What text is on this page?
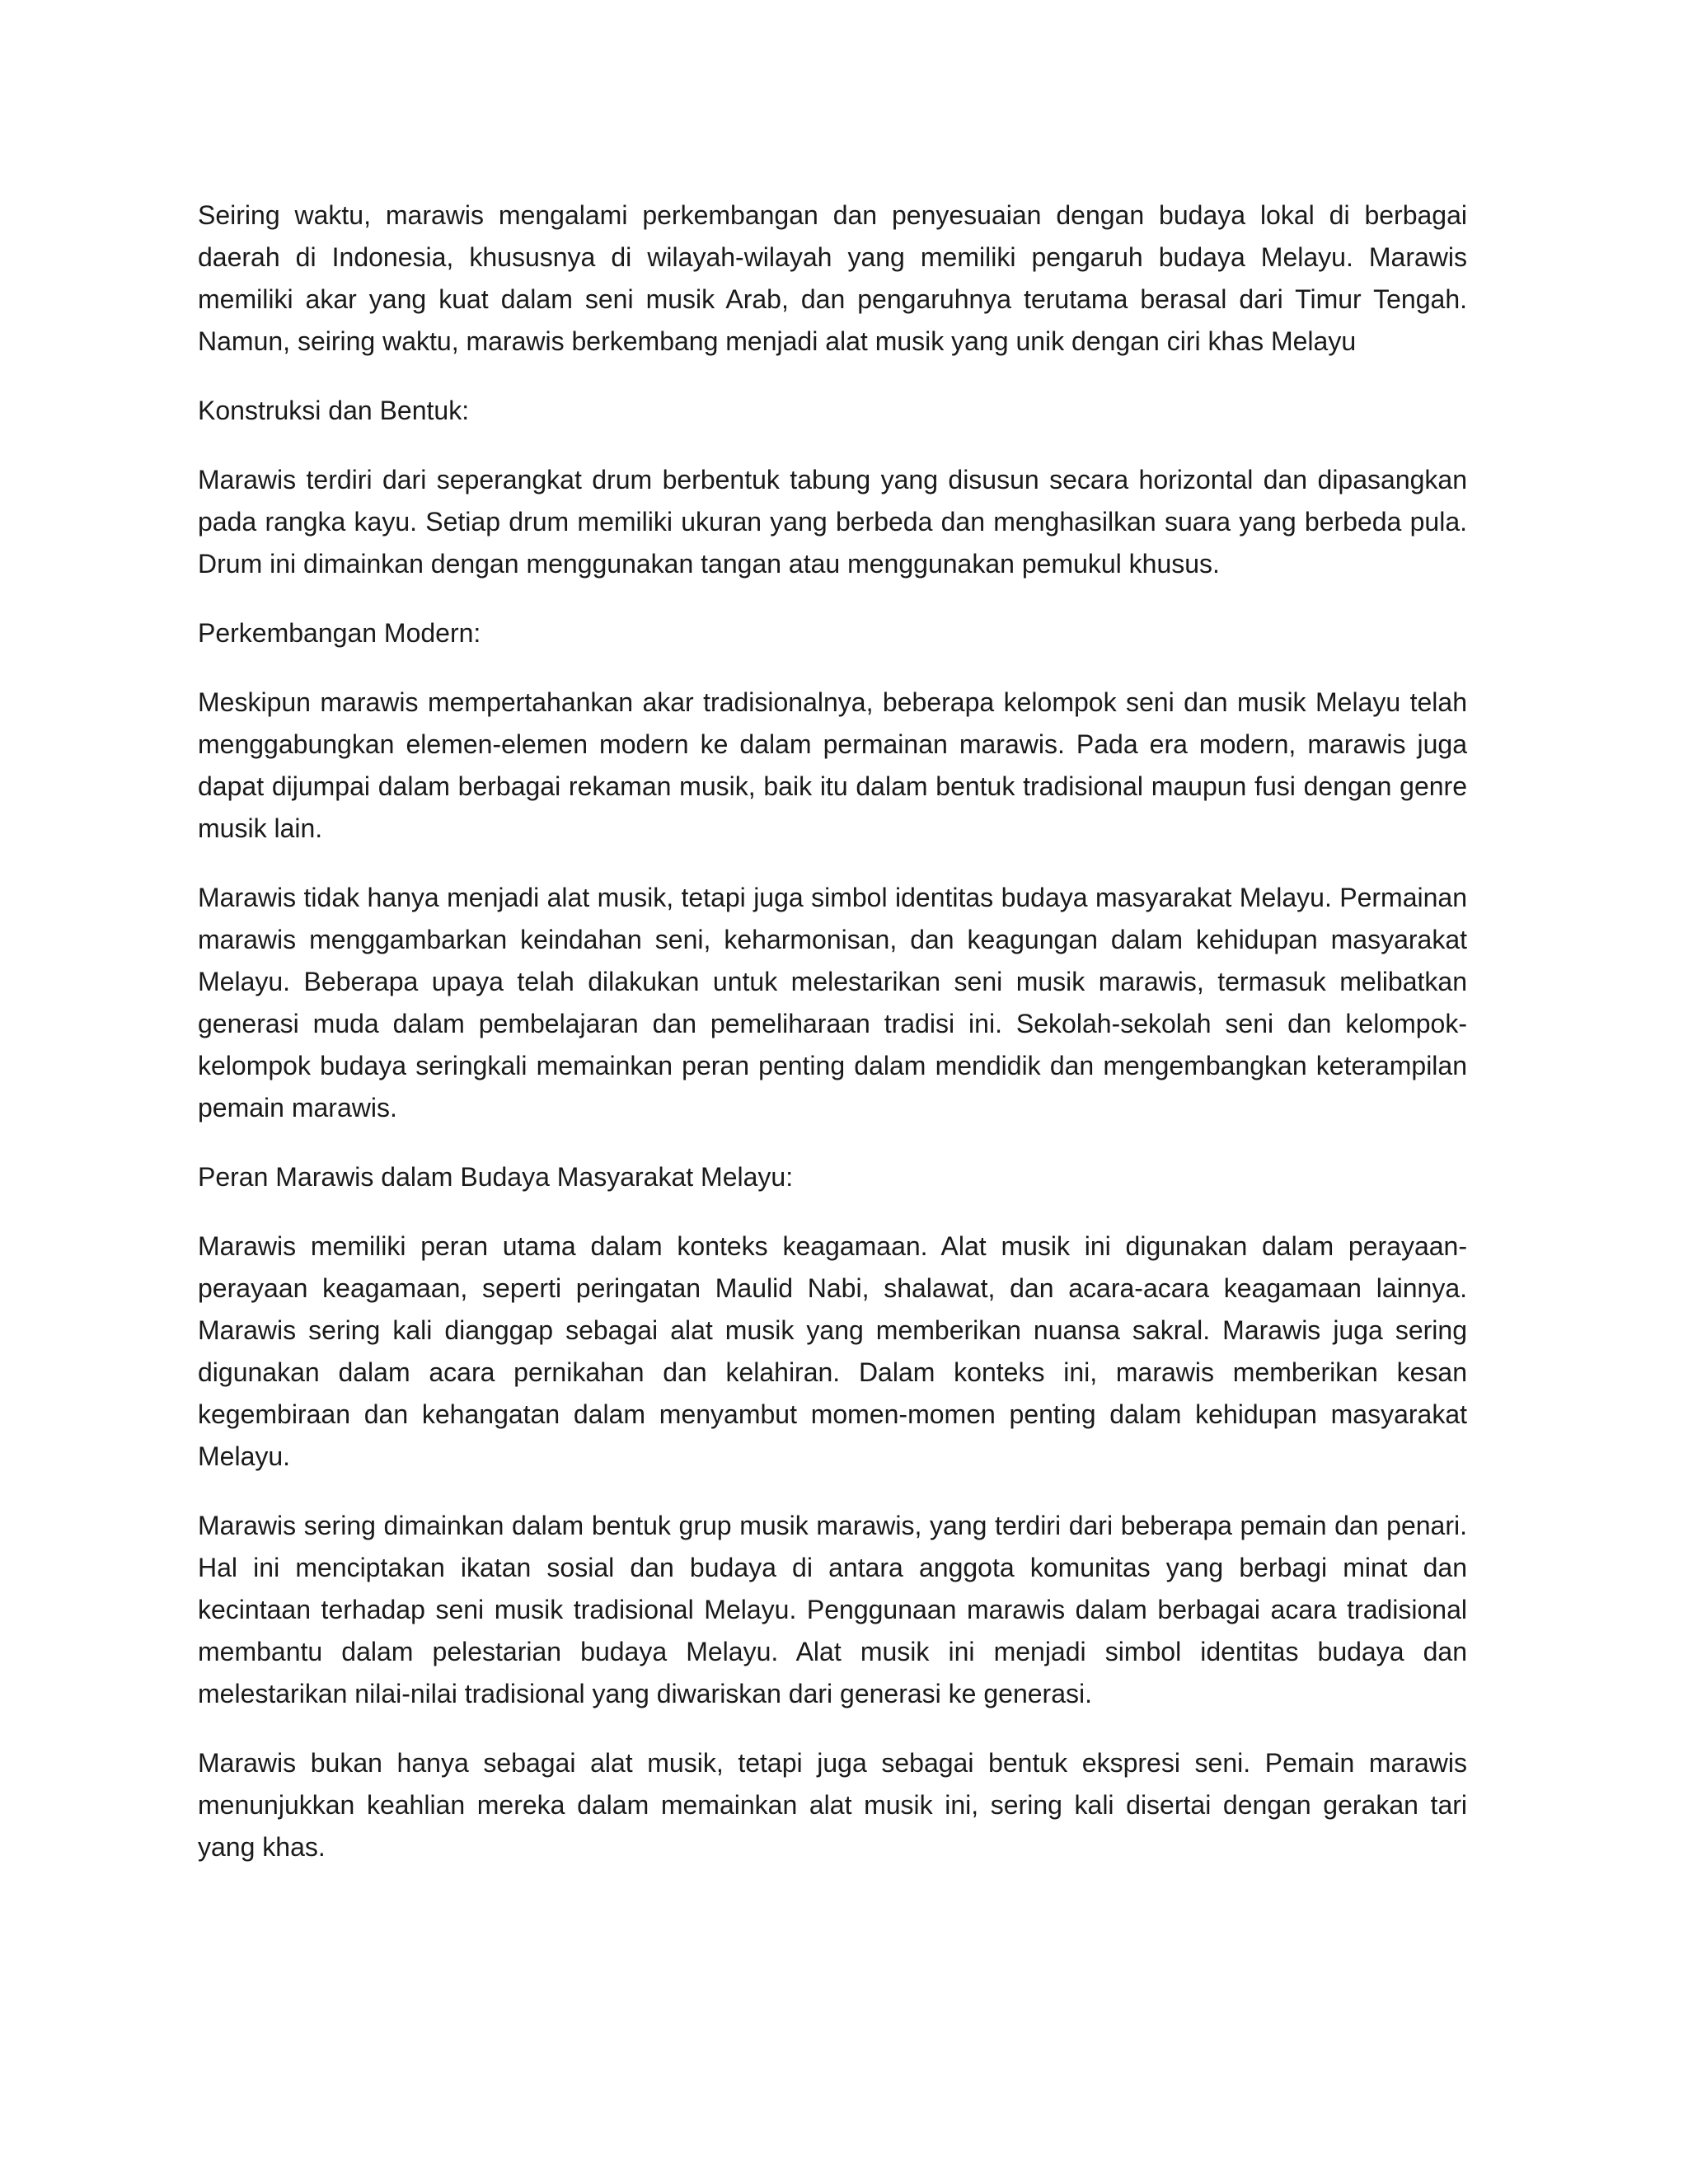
Seiring waktu, marawis mengalami perkembangan dan penyesuaian dengan budaya lokal di berbagai daerah di Indonesia, khususnya di wilayah-wilayah yang memiliki pengaruh budaya Melayu. Marawis memiliki akar yang kuat dalam seni musik Arab, dan pengaruhnya terutama berasal dari Timur Tengah. Namun, seiring waktu, marawis berkembang menjadi alat musik yang unik dengan ciri khas Melayu

Konstruksi dan Bentuk:

Marawis terdiri dari seperangkat drum berbentuk tabung yang disusun secara horizontal dan dipasangkan pada rangka kayu. Setiap drum memiliki ukuran yang berbeda dan menghasilkan suara yang berbeda pula. Drum ini dimainkan dengan menggunakan tangan atau menggunakan pemukul khusus.

Perkembangan Modern:

Meskipun marawis mempertahankan akar tradisionalnya, beberapa kelompok seni dan musik Melayu telah menggabungkan elemen-elemen modern ke dalam permainan marawis. Pada era modern, marawis juga dapat dijumpai dalam berbagai rekaman musik, baik itu dalam bentuk tradisional maupun fusi dengan genre musik lain.

Marawis tidak hanya menjadi alat musik, tetapi juga simbol identitas budaya masyarakat Melayu. Permainan marawis menggambarkan keindahan seni, keharmonisan, dan keagungan dalam kehidupan masyarakat Melayu. Beberapa upaya telah dilakukan untuk melestarikan seni musik marawis, termasuk melibatkan generasi muda dalam pembelajaran dan pemeliharaan tradisi ini. Sekolah-sekolah seni dan kelompok-kelompok budaya seringkali memainkan peran penting dalam mendidik dan mengembangkan keterampilan pemain marawis.

Peran Marawis dalam Budaya Masyarakat Melayu:

Marawis memiliki peran utama dalam konteks keagamaan. Alat musik ini digunakan dalam perayaan-perayaan keagamaan, seperti peringatan Maulid Nabi, shalawat, dan acara-acara keagamaan lainnya. Marawis sering kali dianggap sebagai alat musik yang memberikan nuansa sakral. Marawis juga sering digunakan dalam acara pernikahan dan kelahiran. Dalam konteks ini, marawis memberikan kesan kegembiraan dan kehangatan dalam menyambut momen-momen penting dalam kehidupan masyarakat Melayu.

Marawis sering dimainkan dalam bentuk grup musik marawis, yang terdiri dari beberapa pemain dan penari. Hal ini menciptakan ikatan sosial dan budaya di antara anggota komunitas yang berbagi minat dan kecintaan terhadap seni musik tradisional Melayu. Penggunaan marawis dalam berbagai acara tradisional membantu dalam pelestarian budaya Melayu. Alat musik ini menjadi simbol identitas budaya dan melestarikan nilai-nilai tradisional yang diwariskan dari generasi ke generasi.

Marawis bukan hanya sebagai alat musik, tetapi juga sebagai bentuk ekspresi seni. Pemain marawis menunjukkan keahlian mereka dalam memainkan alat musik ini, sering kali disertai dengan gerakan tari yang khas.
